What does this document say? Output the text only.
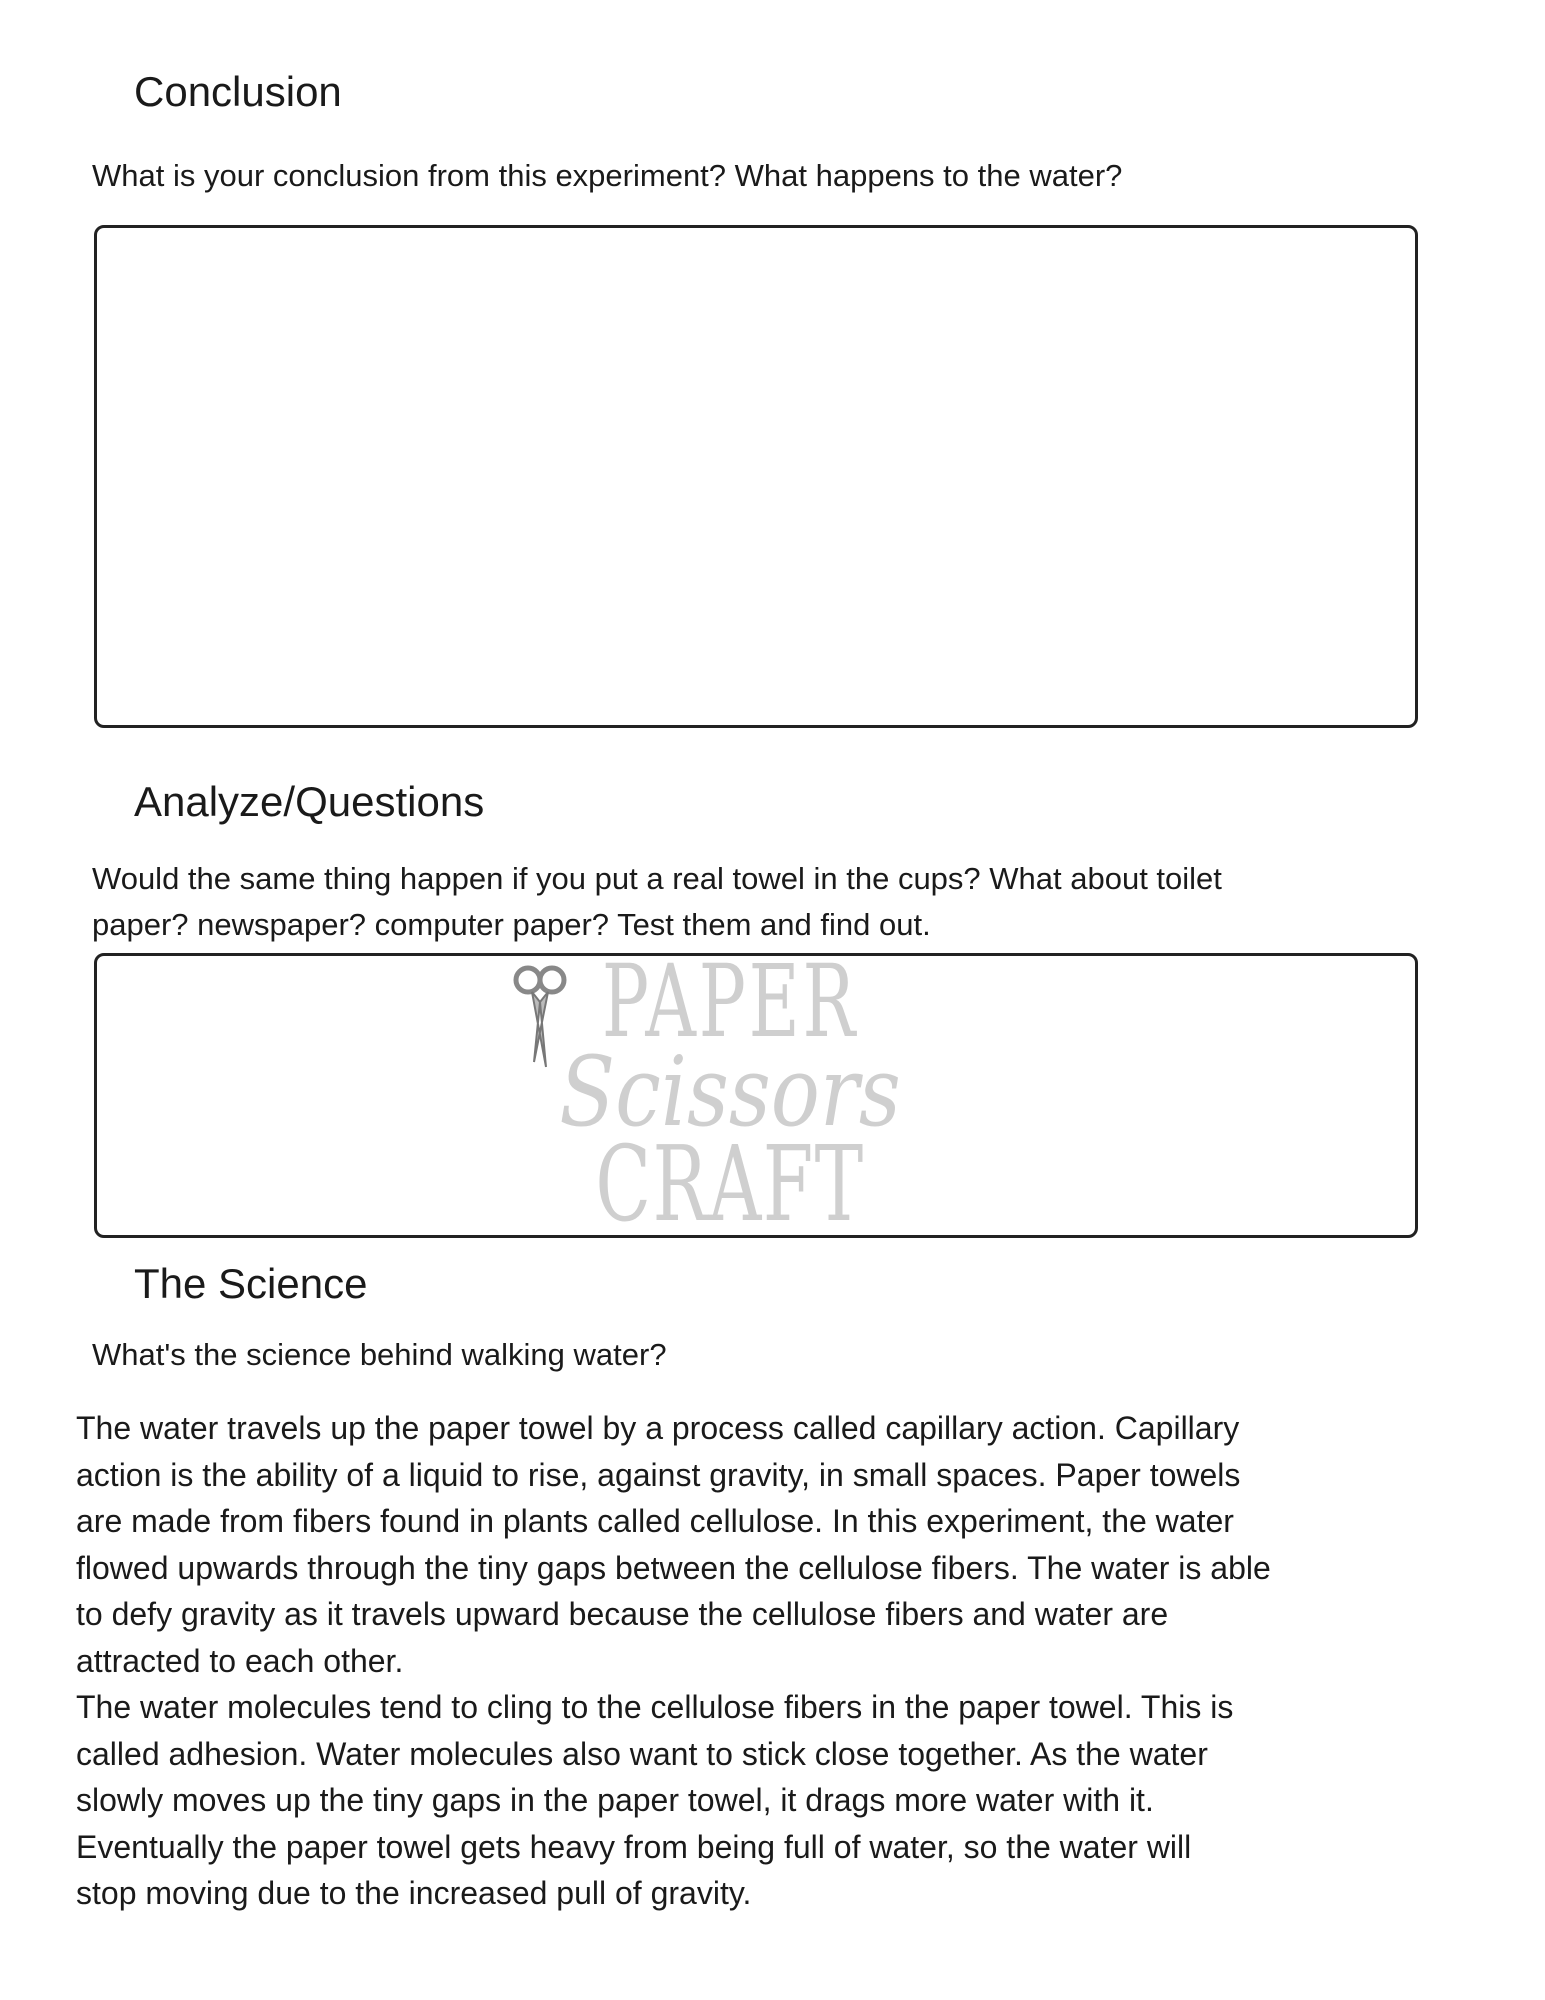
Conclusion
What is your conclusion from this experiment? What happens to the water?
Analyze/Questions
Would the same thing happen if you put a real towel in the cups? What about toilet
paper? newspaper? computer paper? Test them and find out.
PAPER
Scissors
CRAFT
The Science
What's the science behind walking water?
The water travels up the paper towel by a process called capillary action. Capillary
action is the ability of a liquid to rise, against gravity, in small spaces. Paper towels
are made from fibers found in plants called cellulose. In this experiment, the water
flowed upwards through the tiny gaps between the cellulose fibers. The water is able
to defy gravity as it travels upward because the cellulose fibers and water are
attracted to each other.
The water molecules tend to cling to the cellulose fibers in the paper towel. This is
called adhesion. Water molecules also want to stick close together. As the water
slowly moves up the tiny gaps in the paper towel, it drags more water with it.
Eventually the paper towel gets heavy from being full of water, so the water will
stop moving due to the increased pull of gravity.
